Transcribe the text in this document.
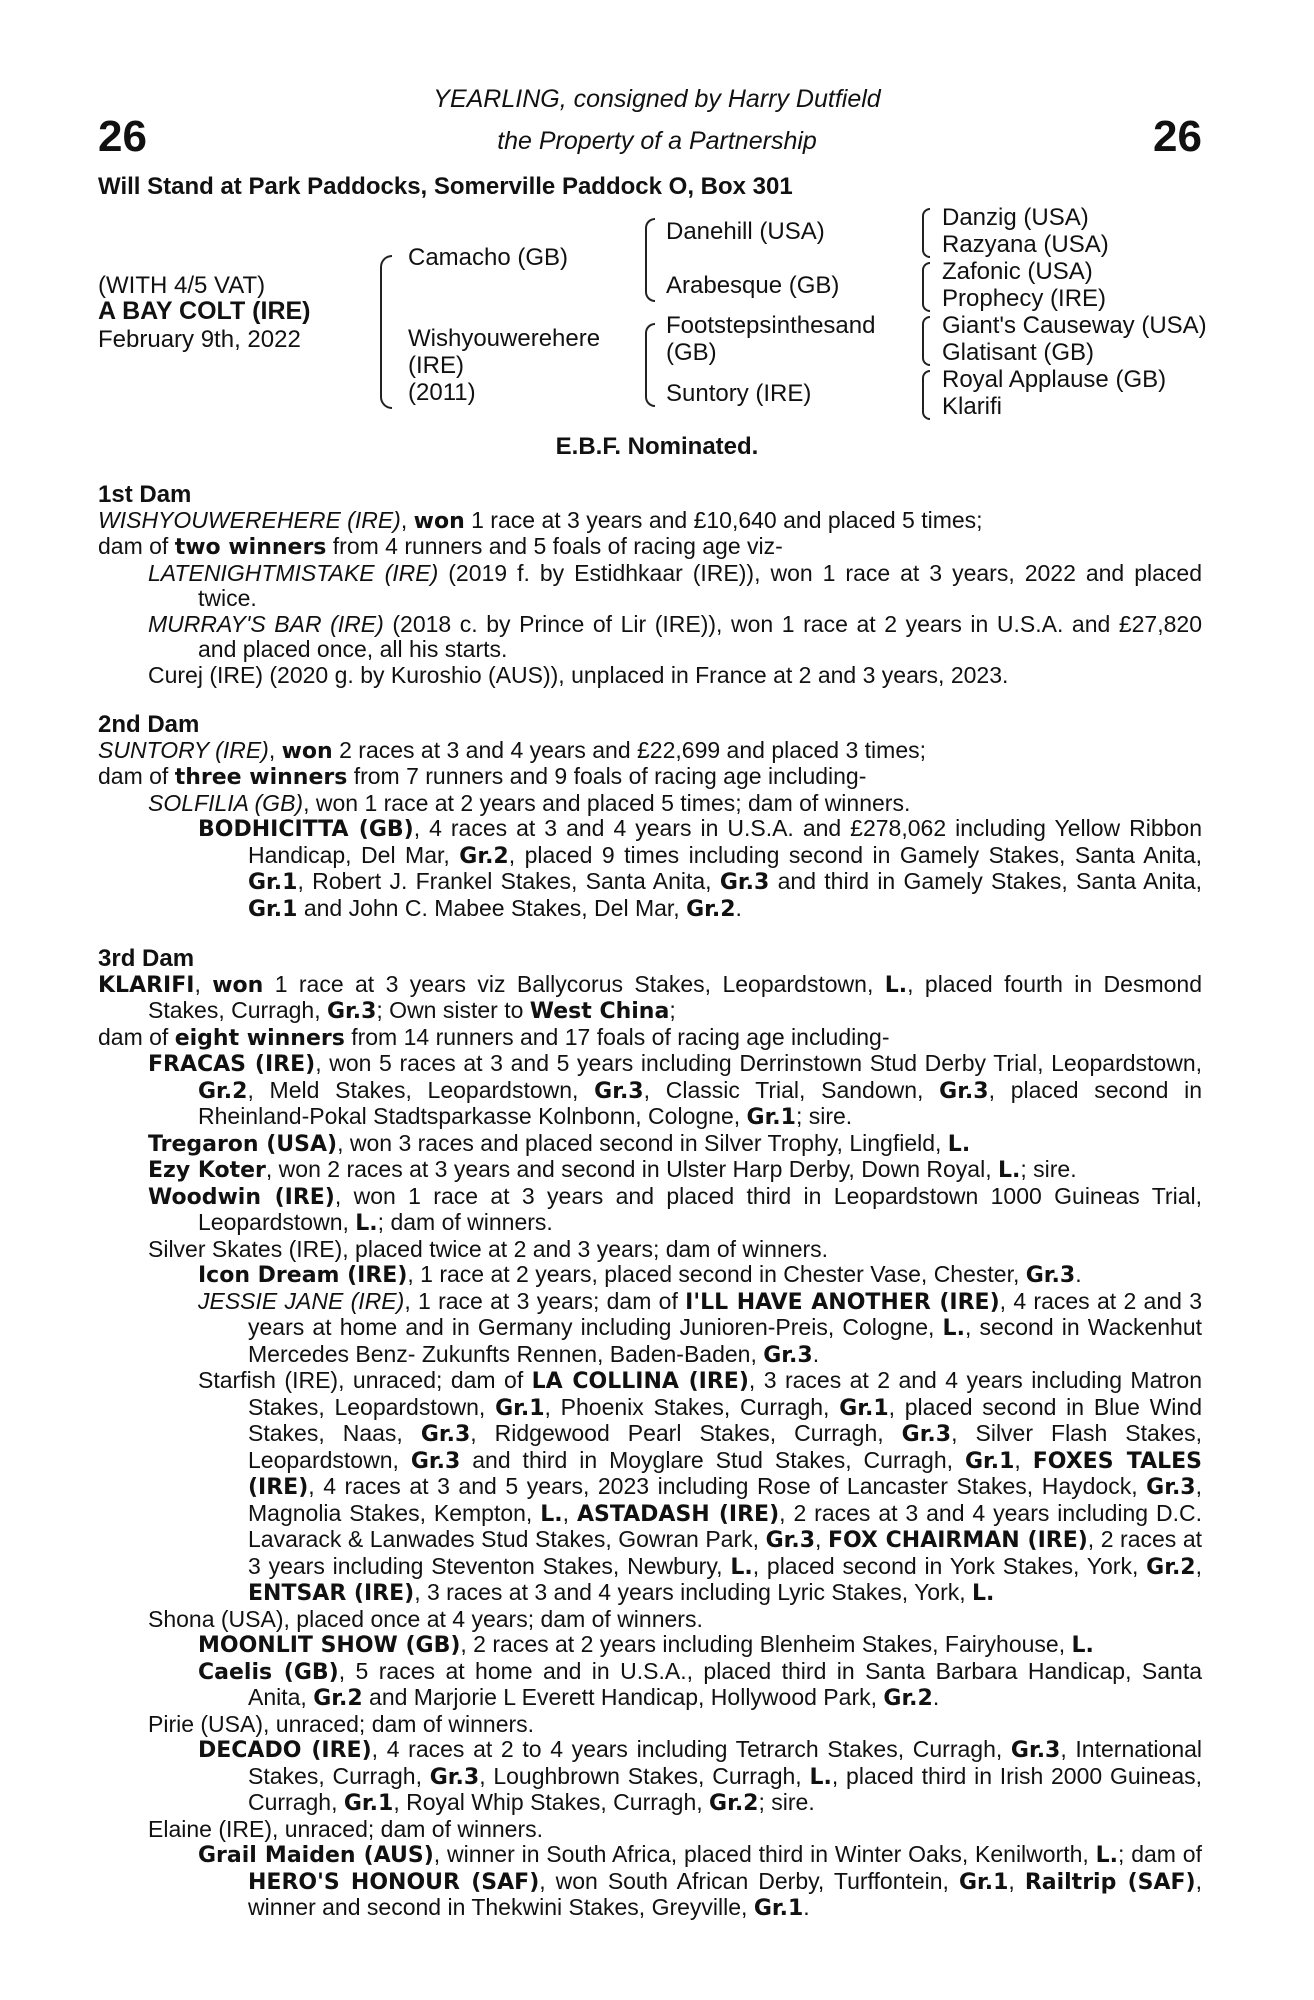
26	26
YEARLING, consigned by Harry Dutfield
the Property of a Partnership
Will Stand at Park Paddocks, Somerville Paddock O, Box 301
(WITH 4/5 VAT)
A BAY COLT (IRE)
February 9th, 2022
Camacho (GB)
Wishyouwerehere
(IRE)
(2011)
Danehill (USA)
Arabesque (GB)
Footstepsinthesand
(GB)
Suntory (IRE)
Danzig (USA)
Razyana (USA)
Zafonic (USA)
Prophecy (IRE)
Giant's Causeway (USA)
Glatisant (GB)
Royal Applause (GB)
Klarifi
E.B.F. Nominated.
1st Dam
WISHYOUWEREHERE (IRE), won 1 race at 3 years and £10,640 and placed 5 times;
dam of two winners from 4 runners and 5 foals of racing age viz-
LATENIGHTMISTAKE (IRE) (2019 f. by Estidhkaar (IRE)), won 1 race at 3 years, 2022 and placed twice.
MURRAY'S BAR (IRE) (2018 c. by Prince of Lir (IRE)), won 1 race at 2 years in U.S.A. and £27,820 and placed once, all his starts.
Curej (IRE) (2020 g. by Kuroshio (AUS)), unplaced in France at 2 and 3 years, 2023.
2nd Dam
SUNTORY (IRE), won 2 races at 3 and 4 years and £22,699 and placed 3 times;
dam of three winners from 7 runners and 9 foals of racing age including-
SOLFILIA (GB), won 1 race at 2 years and placed 5 times; dam of winners.
BODHICITTA (GB), 4 races at 3 and 4 years in U.S.A. and £278,062 including Yellow Ribbon Handicap, Del Mar, Gr.2, placed 9 times including second in Gamely Stakes, Santa Anita, Gr.1, Robert J. Frankel Stakes, Santa Anita, Gr.3 and third in Gamely Stakes, Santa Anita, Gr.1 and John C. Mabee Stakes, Del Mar, Gr.2.
3rd Dam
KLARIFI, won 1 race at 3 years viz Ballycorus Stakes, Leopardstown, L., placed fourth in Desmond Stakes, Curragh, Gr.3; Own sister to West China;
dam of eight winners from 14 runners and 17 foals of racing age including-
FRACAS (IRE), won 5 races at 3 and 5 years including Derrinstown Stud Derby Trial, Leopardstown, Gr.2, Meld Stakes, Leopardstown, Gr.3, Classic Trial, Sandown, Gr.3, placed second in Rheinland-Pokal Stadtsparkasse Kolnbonn, Cologne, Gr.1; sire.
Tregaron (USA), won 3 races and placed second in Silver Trophy, Lingfield, L.
Ezy Koter, won 2 races at 3 years and second in Ulster Harp Derby, Down Royal, L.; sire.
Woodwin (IRE), won 1 race at 3 years and placed third in Leopardstown 1000 Guineas Trial, Leopardstown, L.; dam of winners.
Silver Skates (IRE), placed twice at 2 and 3 years; dam of winners.
Icon Dream (IRE), 1 race at 2 years, placed second in Chester Vase, Chester, Gr.3.
JESSIE JANE (IRE), 1 race at 3 years; dam of I'LL HAVE ANOTHER (IRE), 4 races at 2 and 3 years at home and in Germany including Junioren-Preis, Cologne, L., second in Wackenhut Mercedes Benz- Zukunfts Rennen, Baden-Baden, Gr.3.
Starfish (IRE), unraced; dam of LA COLLINA (IRE), 3 races at 2 and 4 years including Matron Stakes, Leopardstown, Gr.1, Phoenix Stakes, Curragh, Gr.1, placed second in Blue Wind Stakes, Naas, Gr.3, Ridgewood Pearl Stakes, Curragh, Gr.3, Silver Flash Stakes, Leopardstown, Gr.3 and third in Moyglare Stud Stakes, Curragh, Gr.1, FOXES TALES (IRE), 4 races at 3 and 5 years, 2023 including Rose of Lancaster Stakes, Haydock, Gr.3, Magnolia Stakes, Kempton, L., ASTADASH (IRE), 2 races at 3 and 4 years including D.C. Lavarack & Lanwades Stud Stakes, Gowran Park, Gr.3, FOX CHAIRMAN (IRE), 2 races at 3 years including Steventon Stakes, Newbury, L., placed second in York Stakes, York, Gr.2, ENTSAR (IRE), 3 races at 3 and 4 years including Lyric Stakes, York, L.
Shona (USA), placed once at 4 years; dam of winners.
MOONLIT SHOW (GB), 2 races at 2 years including Blenheim Stakes, Fairyhouse, L.
Caelis (GB), 5 races at home and in U.S.A., placed third in Santa Barbara Handicap, Santa Anita, Gr.2 and Marjorie L Everett Handicap, Hollywood Park, Gr.2.
Pirie (USA), unraced; dam of winners.
DECADO (IRE), 4 races at 2 to 4 years including Tetrarch Stakes, Curragh, Gr.3, International Stakes, Curragh, Gr.3, Loughbrown Stakes, Curragh, L., placed third in Irish 2000 Guineas, Curragh, Gr.1, Royal Whip Stakes, Curragh, Gr.2; sire.
Elaine (IRE), unraced; dam of winners.
Grail Maiden (AUS), winner in South Africa, placed third in Winter Oaks, Kenilworth, L.; dam of HERO'S HONOUR (SAF), won South African Derby, Turffontein, Gr.1, Railtrip (SAF), winner and second in Thekwini Stakes, Greyville, Gr.1.
